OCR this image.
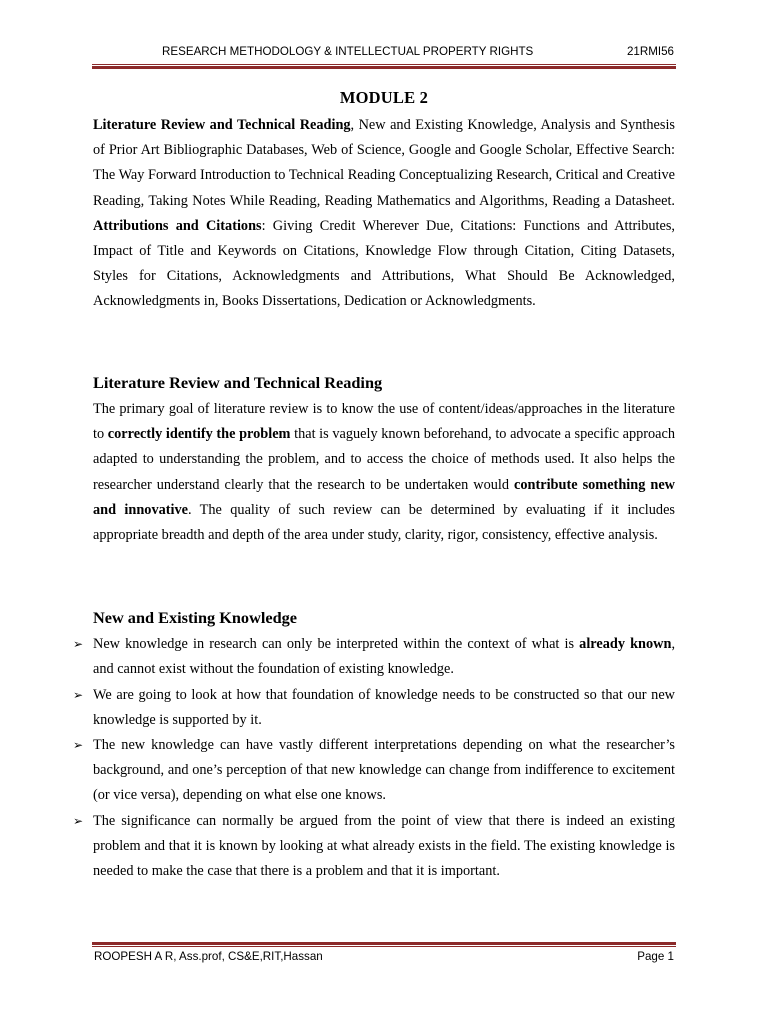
RESEARCH METHODOLOGY & INTELLECTUAL PROPERTY RIGHTS	21RMI56
MODULE 2
Literature Review and Technical Reading, New and Existing Knowledge, Analysis and Synthesis of Prior Art Bibliographic Databases, Web of Science, Google and Google Scholar, Effective Search: The Way Forward Introduction to Technical Reading Conceptualizing Research, Critical and Creative Reading, Taking Notes While Reading, Reading Mathematics and Algorithms, Reading a Datasheet. Attributions and Citations: Giving Credit Wherever Due, Citations: Functions and Attributes, Impact of Title and Keywords on Citations, Knowledge Flow through Citation, Citing Datasets, Styles for Citations, Acknowledgments and Attributions, What Should Be Acknowledged, Acknowledgments in, Books Dissertations, Dedication or Acknowledgments.
Literature Review and Technical Reading
The primary goal of literature review is to know the use of content/ideas/approaches in the literature to correctly identify the problem that is vaguely known beforehand, to advocate a specific approach adapted to understanding the problem, and to access the choice of methods used. It also helps the researcher understand clearly that the research to be undertaken would contribute something new and innovative. The quality of such review can be determined by evaluating if it includes appropriate breadth and depth of the area under study, clarity, rigor, consistency, effective analysis.
New and Existing Knowledge
➢ New knowledge in research can only be interpreted within the context of what is already known, and cannot exist without the foundation of existing knowledge.
➢ We are going to look at how that foundation of knowledge needs to be constructed so that our new knowledge is supported by it.
➢ The new knowledge can have vastly different interpretations depending on what the researcher’s background, and one’s perception of that new knowledge can change from indifference to excitement (or vice versa), depending on what else one knows.
➢ The significance can normally be argued from the point of view that there is indeed an existing problem and that it is known by looking at what already exists in the field. The existing knowledge is needed to make the case that there is a problem and that it is important.
ROOPESH A R, Ass.prof, CS&E,RIT,Hassan	Page 1
